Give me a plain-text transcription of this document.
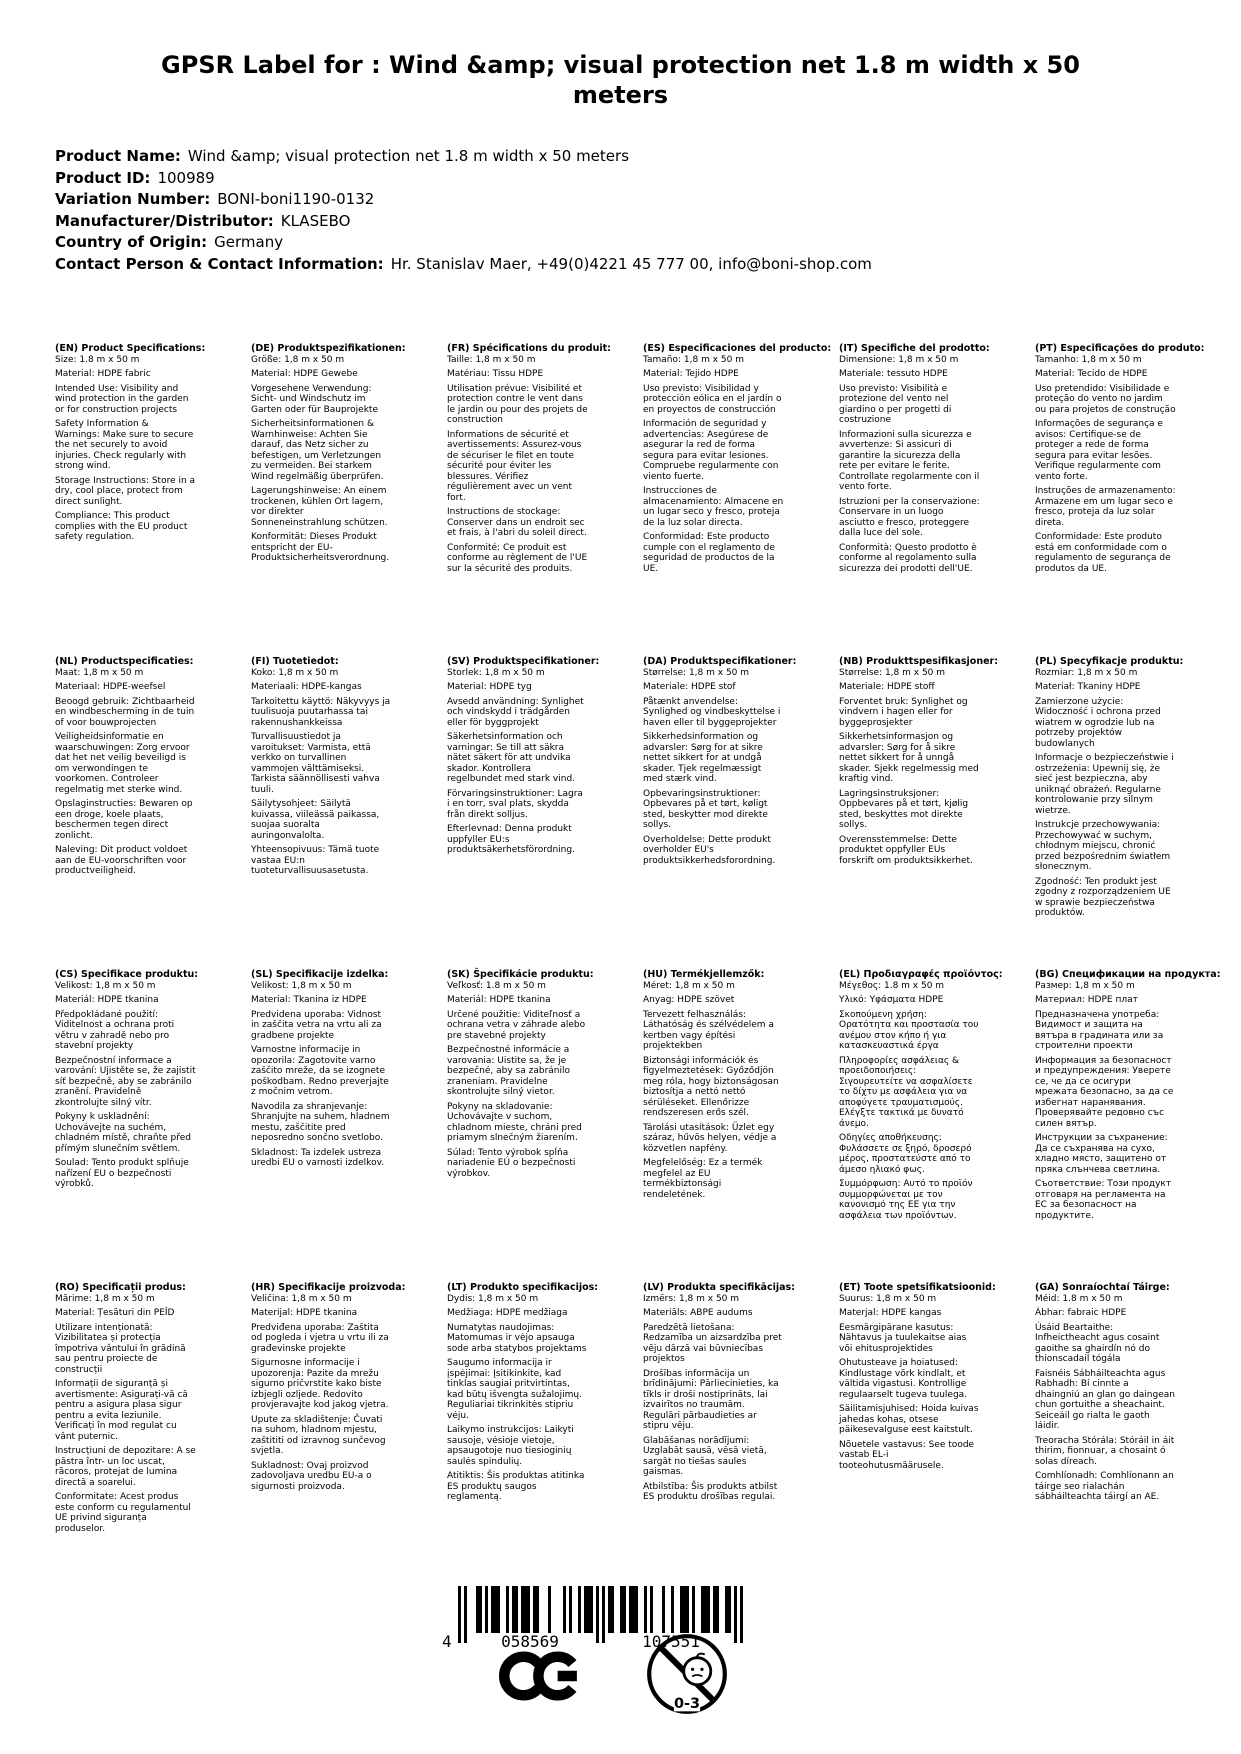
GPSR Label for : Wind &amp; visual protection net 1.8 m width x 50 meters
Product Name: Wind &amp; visual protection net 1.8 m width x 50 meters
Product ID: 100989
Variation Number: BONI-boni1190-0132
Manufacturer/Distributor: KLASEBO
Country of Origin: Germany
Contact Person & Contact Information: Hr. Stanislav Maer, +49(0)4221 45 777 00, info@boni-shop.com
(EN) Product Specifications:

Size: 1.8 m x 50 m

Material: HDPE fabric

Intended Use: Visibility and wind protection in the garden or for construction projects

Safety Information & Warnings: Make sure to secure the net securely to avoid injuries. Check regularly with strong wind.

Storage Instructions: Store in a dry, cool place, protect from direct sunlight.

Compliance: This product complies with the EU product safety regulation.

(DE) Produktspezifikationen:

Größe: 1,8 m x 50 m

Material: HDPE Gewebe

Vorgesehene Verwendung: Sicht- und Windschutz im Garten oder für Bauprojekte

Sicherheitsinformationen & Warnhinweise: Achten Sie darauf, das Netz sicher zu befestigen, um Verletzungen zu vermeiden. Bei starkem Wind regelmäßig überprüfen.

Lagerungshinweise: An einem trockenen, kühlen Ort lagern, vor direkter Sonneneinstrahlung schützen.

Konformität: Dieses Produkt entspricht der EU-Produktsicherheitsverordnung.

(FR) Spécifications du produit:

Taille: 1,8 m x 50 m

Matériau: Tissu HDPE

Utilisation prévue: Visibilité et protection contre le vent dans le jardin ou pour des projets de construction

Informations de sécurité et avertissements: Assurez-vous de sécuriser le filet en toute sécurité pour éviter les blessures. Vérifiez régulièrement avec un vent fort.

Instructions de stockage: Conserver dans un endroit sec et frais, à l'abri du soleil direct.

Conformité: Ce produit est conforme au règlement de l'UE sur la sécurité des produits.

(ES) Especificaciones del producto:

Tamaño: 1,8 m x 50 m

Material: Tejido HDPE

Uso previsto: Visibilidad y protección eólica en el jardín o en proyectos de construcción

Información de seguridad y advertencias: Asegúrese de asegurar la red de forma segura para evitar lesiones. Compruebe regularmente con viento fuerte.

Instrucciones de almacenamiento: Almacene en un lugar seco y fresco, proteja de la luz solar directa.

Conformidad: Este producto cumple con el reglamento de seguridad de productos de la UE.

(IT) Specifiche del prodotto:

Dimensione: 1,8 m x 50 m

Materiale: tessuto HDPE

Uso previsto: Visibilità e protezione del vento nel giardino o per progetti di costruzione

Informazioni sulla sicurezza e avvertenze: Si assicuri di garantire la sicurezza della rete per evitare le ferite. Controllate regolarmente con il vento forte.

Istruzioni per la conservazione: Conservare in un luogo asciutto e fresco, proteggere dalla luce del sole.

Conformità: Questo prodotto è conforme al regolamento sulla sicurezza dei prodotti dell'UE.

(PT) Especificações do produto:

Tamanho: 1,8 m x 50 m

Material: Tecido de HDPE

Uso pretendido: Visibilidade e proteção do vento no jardim ou para projetos de construção

Informações de segurança e avisos: Certifique-se de proteger a rede de forma segura para evitar lesões. Verifique regularmente com vento forte.

Instruções de armazenamento: Armazene em um lugar seco e fresco, proteja da luz solar direta.

Conformidade: Este produto está em conformidade com o regulamento de segurança de produtos da UE.

(NL) Productspecificaties:

Maat: 1,8 m x 50 m

Materiaal: HDPE-weefsel

Beoogd gebruik: Zichtbaarheid en windbescherming in de tuin of voor bouwprojecten

Veiligheidsinformatie en waarschuwingen: Zorg ervoor dat het net veilig beveiligd is om verwondingen te voorkomen. Controleer regelmatig met sterke wind.

Opslaginstructies: Bewaren op een droge, koele plaats, beschermen tegen direct zonlicht.

Naleving: Dit product voldoet aan de EU-voorschriften voor productveiligheid.

(FI) Tuotetiedot:

Koko: 1,8 m x 50 m

Materiaali: HDPE-kangas

Tarkoitettu käyttö: Näkyvyys ja tuulisuoja puutarhassa tai rakennushankkeissa

Turvallisuustiedot ja varoitukset: Varmista, että verkko on turvallinen vammojen välttämiseksi. Tarkista säännöllisesti vahva tuuli.

Säilytysohjeet: Säilytä kuivassa, viileässä paikassa, suojaa suoralta auringonvalolta.

Yhteensopivuus: Tämä tuote vastaa EU:n tuoteturvallisuusasetusta.

(SV) Produktspecifikationer:

Storlek: 1,8 m x 50 m

Material: HDPE tyg

Avsedd användning: Synlighet och vindskydd i trädgården eller för byggprojekt

Säkerhetsinformation och varningar: Se till att säkra nätet säkert för att undvika skador. Kontrollera regelbundet med stark vind.

Förvaringsinstruktioner: Lagra i en torr, sval plats, skydda från direkt solljus.

Efterlevnad: Denna produkt uppfyller EU:s produktsäkerhetsförordning.

(DA) Produktspecifikationer:

Størrelse: 1,8 m x 50 m

Materiale: HDPE stof

Påtænkt anvendelse: Synlighed og vindbeskyttelse i haven eller til byggeprojekter

Sikkerhedsinformation og advarsler: Sørg for at sikre nettet sikkert for at undgå skader. Tjek regelmæssigt med stærk vind.

Opbevaringsinstruktioner: Opbevares på et tørt, køligt sted, beskytter mod direkte sollys.

Overholdelse: Dette produkt overholder EU's produktsikkerhedsforordning.

(NB) Produkttspesifikasjoner:

Størrelse: 1,8 m x 50 m

Materiale: HDPE stoff

Forventet bruk: Synlighet og vindvern i hagen eller for byggeprosjekter

Sikkerhetsinformasjon og advarsler: Sørg for å sikre nettet sikkert for å unngå skader. Sjekk regelmessig med kraftig vind.

Lagringsinstruksjoner: Oppbevares på et tørt, kjølig sted, beskyttes mot direkte sollys.

Overensstemmelse: Dette produktet oppfyller EUs forskrift om produktsikkerhet.

(PL) Specyfikacje produktu:

Rozmiar: 1,8 m x 50 m

Materiał: Tkaniny HDPE

Zamierzone użycie: Widoczność i ochrona przed wiatrem w ogrodzie lub na potrzeby projektów budowlanych

Informacje o bezpieczeństwie i ostrzeżenia: Upewnij się, że sieć jest bezpieczna, aby uniknąć obrażeń. Regularne kontrolowanie przy silnym wietrze.

Instrukcje przechowywania: Przechowywać w suchym, chłodnym miejscu, chronić przed bezpośrednim światłem słonecznym.

Zgodność: Ten produkt jest zgodny z rozporządzeniem UE w sprawie bezpieczeństwa produktów.

(CS) Specifikace produktu:

Velikost: 1,8 m x 50 m

Materiál: HDPE tkanina

Předpokládané použití: Viditelnost a ochrana proti větru v zahradě nebo pro stavební projekty

Bezpečnostní informace a varování: Ujistěte se, že zajistit síť bezpečně, aby se zabránilo zranění. Pravidelně zkontrolujte silný vítr.

Pokyny k uskladnění: Uchovávejte na suchém, chladném místě, chraňte před přímým slunečním světlem.

Soulad: Tento produkt splňuje nařízení EU o bezpečnosti výrobků.

(SL) Specifikacije izdelka:

Velikost: 1,8 m x 50 m

Material: Tkanina iz HDPE

Predvidena uporaba: Vidnost in zaščita vetra na vrtu ali za gradbene projekte

Varnostne informacije in opozorila: Zagotovite varno zaščito mreže, da se izognete poškodbam. Redno preverjajte z močnim vetrom.

Navodila za shranjevanje: Shranjujte na suhem, hladnem mestu, zaščitite pred neposredno sončno svetlobo.

Skladnost: Ta izdelek ustreza uredbi EU o varnosti izdelkov.

(SK) Špecifikácie produktu:

Veľkosť: 1.8 m x 50 m

Materiál: HDPE tkanina

Určené použitie: Viditeľnosť a ochrana vetra v záhrade alebo pre stavebné projekty

Bezpečnostné informácie a varovania: Uistite sa, že je bezpečné, aby sa zabránilo zraneniam. Pravidelne skontrolujte silný vietor.

Pokyny na skladovanie: Uchovávajte v suchom, chladnom mieste, chráni pred priamym slnečným žiarením.

Súlad: Tento výrobok spĺňa nariadenie EÚ o bezpečnosti výrobkov.

(HU) Termékjellemzők:

Méret: 1,8 m x 50 m

Anyag: HDPE szövet

Tervezett felhasználás: Láthatóság és szélvédelem a kertben vagy építési projektekben

Biztonsági információk és figyelmeztetések: Győződjön meg róla, hogy biztonságosan biztosítja a nettó nettó sérüléseket. Ellenőrizze rendszeresen erős szél.

Tárolási utasítások: Üzlet egy száraz, hűvös helyen, védje a közvetlen napfény.

Megfelelőség: Ez a termék megfelel az EU termékbiztonsági rendeletének.

(EL) Προδιαγραφές προϊόντος:

Μέγεθος: 1.8 m x 50 m

Υλικό: Υφάσματα HDPE

Σκοπούμενη χρήση: Ορατότητα και προστασία του ανέμου στον κήπο ή για κατασκευαστικά έργα

Πληροφορίες ασφάλειας & προειδοποιήσεις: Σιγουρευτείτε να ασφαλίσετε το δίχτυ με ασφάλεια για να αποφύγετε τραυματισμούς. Ελέγξτε τακτικά με δυνατό άνεμο.

Οδηγίες αποθήκευσης: Φυλάσσετε σε ξηρό, δροσερό μέρος, προστατεύστε από το άμεσο ηλιακό φως.

Συμμόρφωση: Αυτό το προϊόν συμμορφώνεται με τον κανονισμό της ΕΕ για την ασφάλεια των προϊόντων.

(BG) Спецификации на продукта:

Размер: 1,8 m x 50 m

Материал: HDPE плат

Предназначена употреба: Видимост и защита на вятъра в градината или за строителни проекти

Информация за безопасност и предупреждения: Уверете се, че да се осигури мрежата безопасно, за да се избегнат наранявания. Проверявайте редовно със силен вятър.

Инструкции за съхранение: Да се съхранява на сухо, хладно място, защитено от пряка слънчева светлина.

Съответствие: Този продукт отговаря на регламента на ЕС за безопасност на продуктите.

(RO) Specificații produs:

Mărime: 1,8 m x 50 m

Material: Țesături din PEÎD

Utilizare intenționată: Vizibilitatea și protecția împotriva vântului în grădină sau pentru proiecte de construcții

Informații de siguranță și avertismente: Asigurați-vă că pentru a asigura plasa sigur pentru a evita leziunile. Verificați în mod regulat cu vânt puternic.

Instrucțiuni de depozitare: A se păstra într- un loc uscat, răcoros, protejat de lumina directă a soarelui.

Conformitate: Acest produs este conform cu regulamentul UE privind siguranța produselor.

(HR) Specifikacije proizvoda:

Veličina: 1,8 m x 50 m

Materijal: HDPE tkanina

Predviđena uporaba: Zaštita od pogleda i vjetra u vrtu ili za građevinske projekte

Sigurnosne informacije i upozorenja: Pazite da mrežu sigurno pričvrstite kako biste izbjegli ozljede. Redovito provjeravajte kod jakog vjetra.

Upute za skladištenje: Čuvati na suhom, hladnom mjestu, zaštititi od izravnog sunčevog svjetla.

Sukladnost: Ovaj proizvod zadovoljava uredbu EU-a o sigurnosti proizvoda.

(LT) Produkto specifikacijos:

Dydis: 1,8 m x 50 m

Medžiaga: HDPE medžiaga

Numatytas naudojimas: Matomumas ir vėjo apsauga sode arba statybos projektams

Saugumo informacija ir įspėjimai: Įsitikinkite, kad tinklas saugiai pritvirtintas, kad būtų išvengta sužalojimų. Reguliariai tikrinkitės stipriu vėju.

Laikymo instrukcijos: Laikyti sausoje, vėsioje vietoje, apsaugotoje nuo tiesioginių saulės spindulių.

Atitiktis: Šis produktas atitinka ES produktų saugos reglamentą.

(LV) Produkta specifikācijas:

Izmērs: 1,8 m x 50 m

Materiāls: ABPE audums

Paredzētā lietošana: Redzamība un aizsardzība pret vēju dārzā vai būvniecības projektos

Drošības informācija un brīdinājumi: Pārliecinieties, ka tīkls ir droši nostiprināts, lai izvairītos no traumām. Regulāri pārbaudieties ar stipru vēju.

Glabāšanas norādījumi: Uzglabāt sausā, vēsā vietā, sargāt no tiešas saules gaismas.

Atbilstība: Šis produkts atbilst ES produktu drošības regulai.

(ET) Toote spetsifikatsioonid:

Suurus: 1,8 m x 50 m

Materjal: HDPE kangas

Eesmärgipärane kasutus: Nähtavus ja tuulekaitse aias või ehitusprojektides

Ohutusteave ja hoiatused: Kindlustage võrk kindlalt, et vältida vigastusi. Kontrollige regulaarselt tugeva tuulega.

Säilitamisjuhised: Hoida kuivas jahedas kohas, otsese päikesevalguse eest kaitstult.

Nõuetele vastavus: See toode vastab EL-i tooteohutusmäärusele.

(GA) Sonraíochtaí Táirge:

Méid: 1.8 m x 50 m

Ábhar: fabraic HDPE

Úsáid Beartaithe: Infheictheacht agus cosaint gaoithe sa ghairdín nó do thionscadail tógála

Faisnéis Sábháilteachta agus Rabhadh: Bí cinnte a dhaingniú an glan go daingean chun gortuithe a sheachaint. Seiceáil go rialta le gaoth láidir.

Treoracha Stórála: Stóráil in áit thirim, fionnuar, a chosaint ó solas díreach.

Comhlíonadh: Comhlíonann an táirge seo rialachán sábháilteachta táirgí an AE.

4	058569	107551
0-3
